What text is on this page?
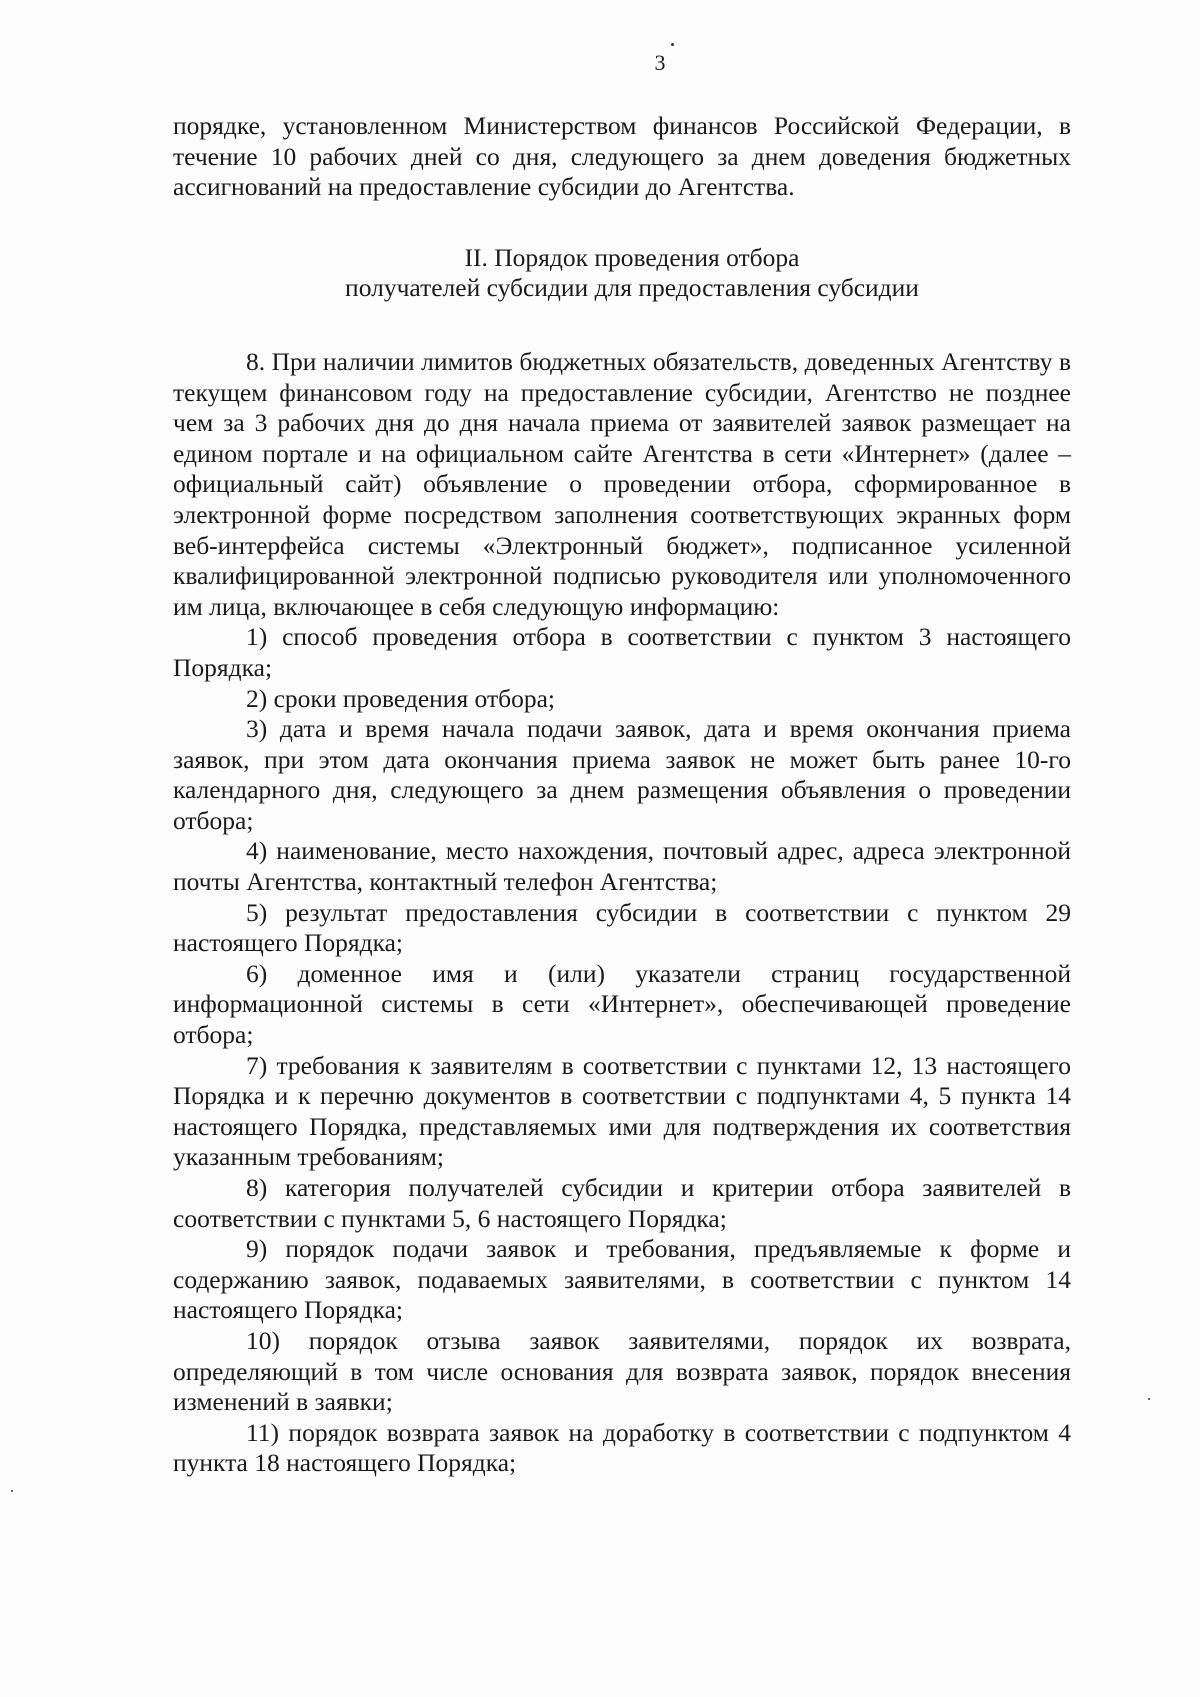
3

порядке, установленном Министерством финансов Российской Федерации, в течение 10 рабочих дней со дня, следующего за днем доведения бюджетных ассигнований на предоставление субсидии до Агентства.

II. Порядок проведения отбора
получателей субсидии для предоставления субсидии

8. При наличии лимитов бюджетных обязательств, доведенных Агентству в текущем финансовом году на предоставление субсидии, Агентство не позднее чем за 3 рабочих дня до дня начала приема от заявителей заявок размещает на едином портале и на официальном сайте Агентства в сети «Интернет» (далее – официальный сайт) объявление о проведении отбора, сформированное в электронной форме посредством заполнения соответствующих экранных форм веб-интерфейса системы «Электронный бюджет», подписанное усиленной квалифицированной электронной подписью руководителя или уполномоченного им лица, включающее в себя следующую информацию:

1) способ проведения отбора в соответствии с пунктом 3 настоящего Порядка;

2) сроки проведения отбора;

3) дата и время начала подачи заявок, дата и время окончания приема заявок, при этом дата окончания приема заявок не может быть ранее 10-го календарного дня, следующего за днем размещения объявления о проведении отбора;

4) наименование, место нахождения, почтовый адрес, адреса электронной почты Агентства, контактный телефон Агентства;

5) результат предоставления субсидии в соответствии с пунктом 29 настоящего Порядка;

6) доменное имя и (или) указатели страниц государственной информационной системы в сети «Интернет», обеспечивающей проведение отбора;

7) требования к заявителям в соответствии с пунктами 12, 13 настоящего Порядка и к перечню документов в соответствии с подпунктами 4, 5 пункта 14 настоящего Порядка, представляемых ими для подтверждения их соответствия указанным требованиям;

8) категория получателей субсидии и критерии отбора заявителей в соответствии с пунктами 5, 6 настоящего Порядка;

9) порядок подачи заявок и требования, предъявляемые к форме и содержанию заявок, подаваемых заявителями, в соответствии с пунктом 14 настоящего Порядка;

10) порядок отзыва заявок заявителями, порядок их возврата, определяющий в том числе основания для возврата заявок, порядок внесения изменений в заявки;

11) порядок возврата заявок на доработку в соответствии с подпунктом 4 пункта 18 настоящего Порядка;
